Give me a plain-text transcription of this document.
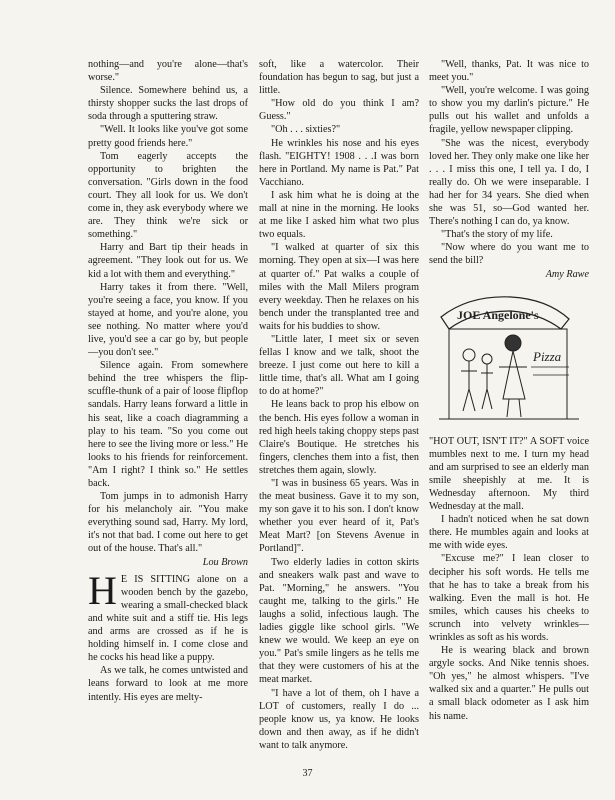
nothing—and you're alone—that's worse."

Silence. Somewhere behind us, a thirsty shopper sucks the last drops of soda through a sputtering straw.

"Well. It looks like you've got some pretty good friends here."

Tom eagerly accepts the opportunity to brighten the conversation. "Girls down in the food court. They all look for us. We don't come in, they ask everybody where we are. They think we're sick or something."

Harry and Bart tip their heads in agreement. "They look out for us. We kid a lot with them and everything."

Harry takes it from there. "Well, you're seeing a face, you know. If you stayed at home, and you're alone, you see nothing. No matter where you'd live, you'd see a car go by, but people—you don't see."

Silence again. From somewhere behind the tree whispers the flip-scuffle-thunk of a pair of loose flipflop sandals. Harry leans forward a little in his seat, like a coach diagramming a play to his team. "So you come out here to see the living more or less." He looks to his friends for reinforcement. "Am I right? I think so." He settles back.

Tom jumps in to admonish Harry for his melancholy air. "You make everything sound sad, Harry. My lord, it's not that bad. I come out here to get out of the house. That's all."

Lou Brown

H E IS SITTING alone on a wooden bench by the gazebo, wearing a small-checked black and white suit and a stiff tie. His legs and arms are crossed as if he is holding himself in. I come close and he cocks his head like a puppy.

As we talk, he comes untwisted and leans forward to look at me more intently. His eyes are melty-

soft, like a watercolor. Their foundation has begun to sag, but just a little.

"How old do you think I am? Guess."

"Oh . . . sixties?"

He wrinkles his nose and his eyes flash. "EIGHTY! 1908 . . .I was born here in Portland. My name is Pat." Pat Vacchiano.

I ask him what he is doing at the mall at nine in the morning. He looks at me like I asked him what two plus two equals.

"I walked at quarter of six this morning. They open at six—I was here at quarter of." Pat walks a couple of miles with the Mall Milers program every weekday. Then he relaxes on his bench under the transplanted tree and waits for his buddies to show.

"Little later, I meet six or seven fellas I know and we talk, shoot the breeze. I just come out here to kill a little time, that's all. What am I going to do at home?"

He leans back to prop his elbow on the bench. His eyes follow a woman in red high heels taking choppy steps past Claire's Boutique. He stretches his fingers, clenches them into a fist, then stretches them again, slowly.

"I was in business 65 years. Was in the meat business. Gave it to my son, my son gave it to his son. I don't know whether you ever heard of it, Pat's Meat Mart? [on Stevens Avenue in Portland]".

Two elderly ladies in cotton skirts and sneakers walk past and wave to Pat. "Morning," he answers. "You caught me, talking to the girls." He laughs a solid, infectious laugh. The ladies giggle like school girls. "We knew we would. We keep an eye on you." Pat's smile lingers as he tells me that they were customers of his at the meat market.

"I have a lot of them, oh I have a LOT of customers, really I do ... people know us, ya know. He looks down and then away, as if he didn't want to talk anymore.

"Well, thanks, Pat. It was nice to meet you."

"Well, you're welcome. I was going to show you my darlin's picture." He pulls out his wallet and unfolds a fragile, yellow newspaper clipping.

"She was the nicest, everybody loved her. They only make one like her . . . I miss this one, I tell ya. I do, I really do. Oh we were inseparable. I had her for 34 years. She died when she was 51, so—God wanted her. There's nothing I can do, ya know.

"That's the story of my life.

"Now where do you want me to send the bill?

Amy Rawe

JOE Angelone's
Pizza

"HOT OUT, ISN'T IT?" A SOFT voice mumbles next to me. I turn my head and am surprised to see an elderly man smile sheepishly at me. It is Wednesday afternoon. My third Wednesday at the mall.

I hadn't noticed when he sat down there. He mumbles again and looks at me with wide eyes.

"Excuse me?" I lean closer to decipher his soft words. He tells me that he has to take a break from his walking. Even the mall is hot. He smiles, which causes his cheeks to scrunch into velvety wrinkles—wrinkles as soft as his words.

He is wearing black and brown argyle socks. And Nike tennis shoes. "Oh yes," he almost whispers. "I've walked six and a quarter." He pulls out a small black odometer as I ask him his name.

37
